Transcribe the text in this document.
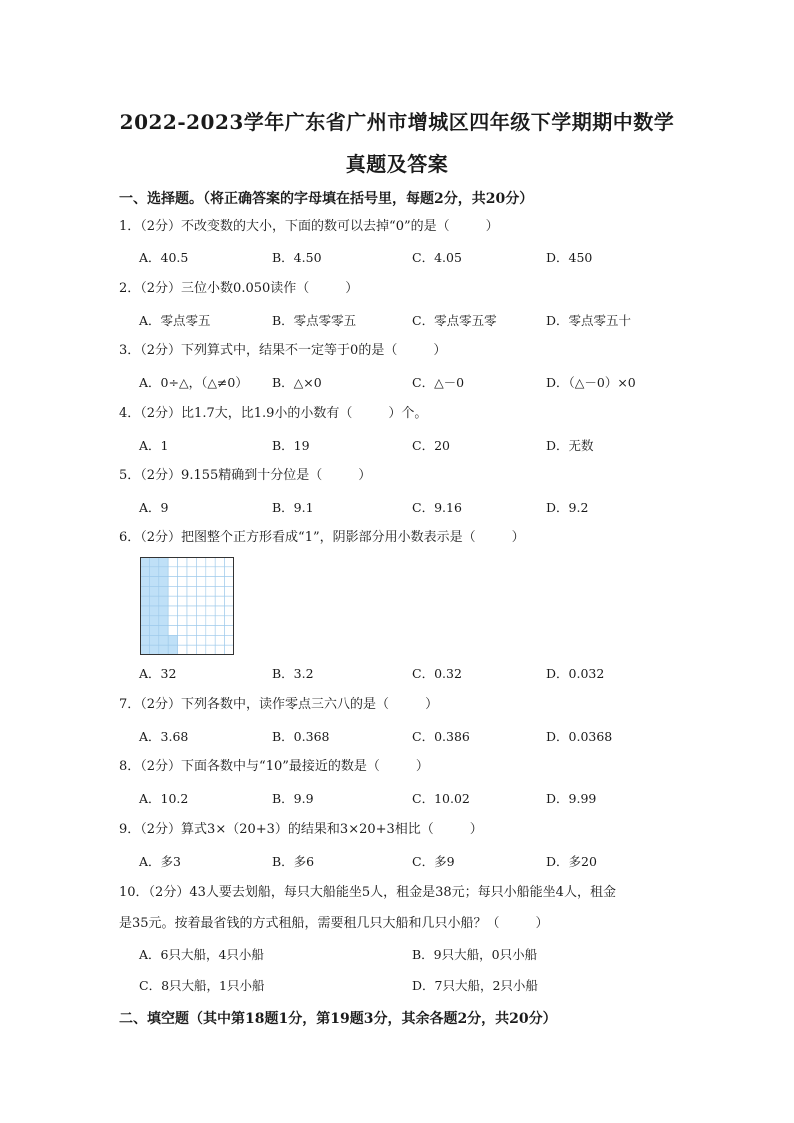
2022-2023学年广东省广州市增城区四年级下学期期中数学
真题及答案
一、选择题。（将正确答案的字母填在括号里，每题2分，共20分）
1．（2分）不改变数的大小，下面的数可以去掉“0”的是（	）
A．40.5	B．4.50	C．4.05	D．450
2．（2分）三位小数0.050读作（	）
A．零点零五	B．零点零零五	C．零点零五零	D．零点零五十
3．（2分）下列算式中，结果不一定等于0的是（	）
A．0÷△，（△≠0） B．△×0	C．△－0	D．（△－0）×0
4．（2分）比1.7大，比1.9小的小数有（	）个。
A．1	B．19	C．20	D．无数
5．（2分）9.155精确到十分位是（	）
A．9	B．9.1	C．9.16	D．9.2
6．（2分）把图整个正方形看成“1”，阴影部分用小数表示是（	）
A．32	B．3.2	C．0.32	D．0.032
7．（2分）下列各数中，读作零点三六八的是（	）
A．3.68	B．0.368	C．0.386	D．0.0368
8．（2分）下面各数中与“10”最接近的数是（	）
A．10.2	B．9.9	C．10.02	D．9.99
9．（2分）算式3×（20+3）的结果和3×20+3相比（	）
A．多3	B．多6	C．多9	D．多20
10．（2分）43人要去划船，每只大船能坐5人，租金是38元；每只小船能坐4人，租金
是35元。按着最省钱的方式租船，需要租几只大船和几只小船？（	）
A．6只大船，4只小船	B．9只大船，0只小船
C．8只大船，1只小船	D．7只大船，2只小船
二、填空题（其中第18题1分，第19题3分，其余各题2分，共20分）
